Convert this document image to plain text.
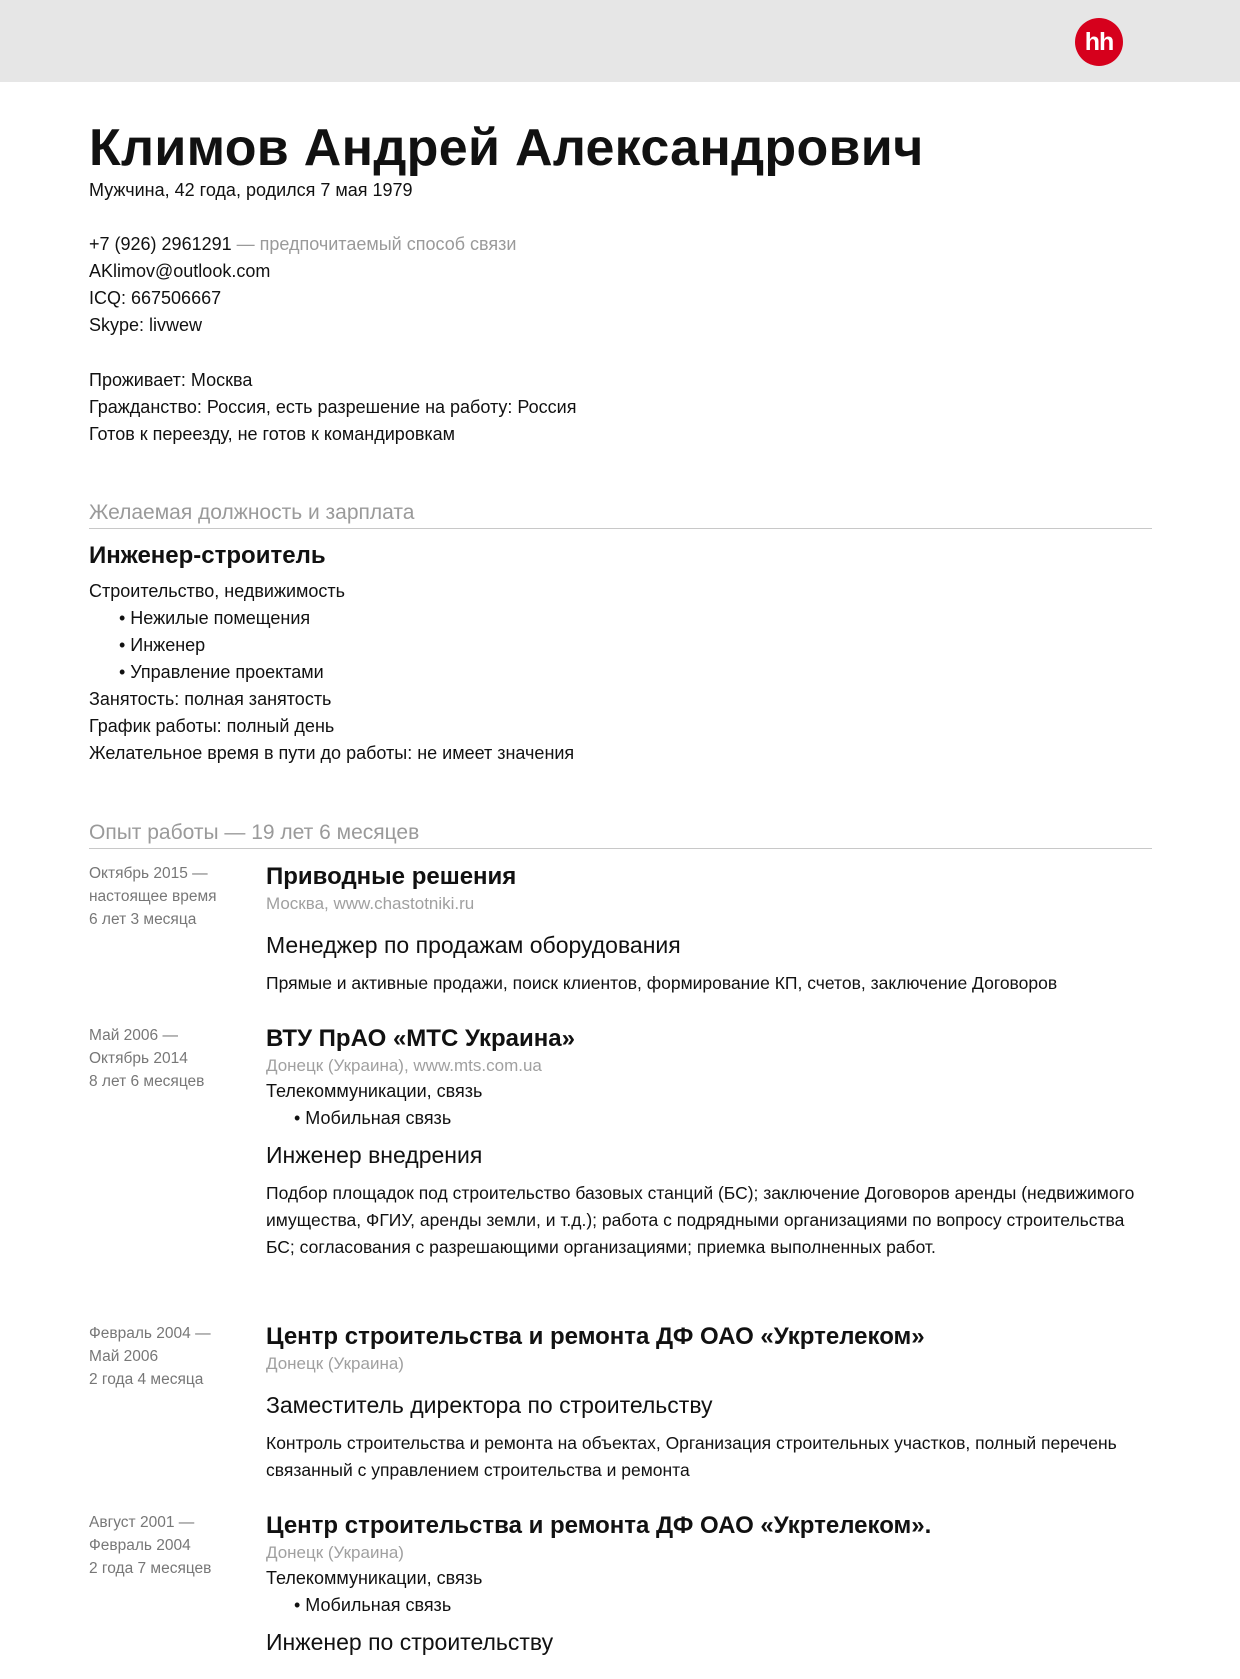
hh
Климов Андрей Александрович
Мужчина, 42 года, родился 7 мая 1979
+7 (926) 2961291 — предпочитаемый способ связи
AKlimov@outlook.com
ICQ: 667506667
Skype: livwew
Проживает: Москва
Гражданство: Россия, есть разрешение на работу: Россия
Готов к переезду, не готов к командировкам
Желаемая должность и зарплата
Инженер-строитель
Строительство, недвижимость
• Нежилые помещения
• Инженер
• Управление проектами
Занятость: полная занятость
График работы: полный день
Желательное время в пути до работы: не имеет значения
Опыт работы — 19 лет 6 месяцев
Октябрь 2015 —
настоящее время
6 лет 3 месяца
Приводные решения
Москва, www.chastotniki.ru
Менеджер по продажам оборудования
Прямые и активные продажи, поиск клиентов, формирование КП, счетов, заключение Договоров
Май 2006 —
Октябрь 2014
8 лет 6 месяцев
ВТУ ПрАО «МТС Украина»
Донецк (Украина), www.mts.com.ua
Телекоммуникации, связь
• Мобильная связь
Инженер внедрения
Подбор площадок под строительство базовых станций (БС); заключение Договоров аренды (недвижимого имущества, ФГИУ, аренды земли, и т.д.); работа с подрядными организациями по вопросу строительства БС; согласования с разрешающими организациями; приемка выполненных работ.
Февраль 2004 —
Май 2006
2 года 4 месяца
Центр строительства и ремонта ДФ ОАО «Укртелеком»
Донецк (Украина)
Заместитель директора по строительству
Контроль строительства и ремонта на объектах, Организация строительных участков, полный перечень связанный с управлением строительства и ремонта
Август 2001 —
Февраль 2004
2 года 7 месяцев
Центр строительства и ремонта ДФ ОАО «Укртелеком».
Донецк (Украина)
Телекоммуникации, связь
• Мобильная связь
Инженер по строительству
